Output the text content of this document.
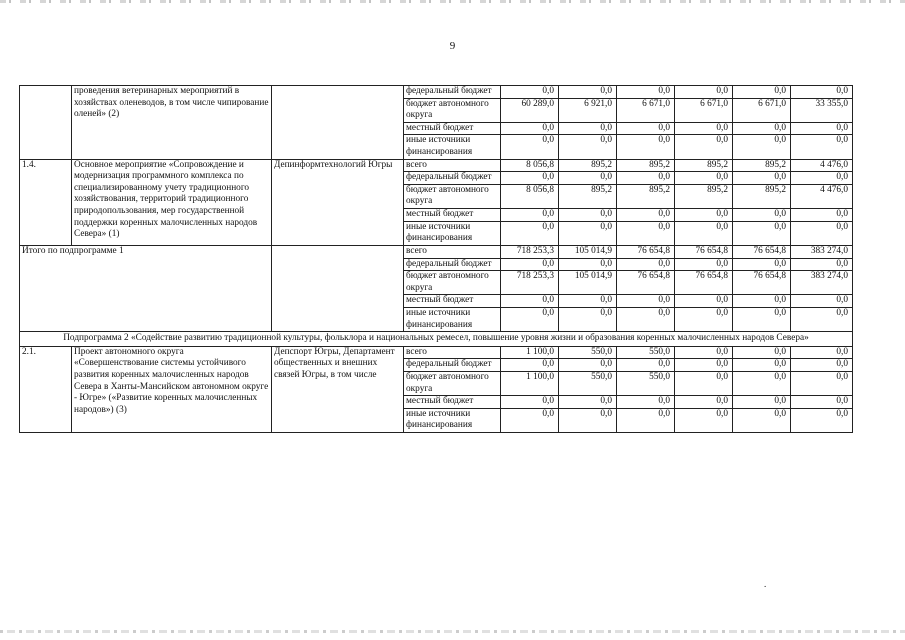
9
	проведения ветеринарных мероприятий в хозяйствах оленеводов, в том числе чипирование оленей» (2)		федеральный бюджет	0,0	0,0	0,0	0,0	0,0	0,0
			бюджет автономного округа	60 289,0	6 921,0	6 671,0	6 671,0	6 671,0	33 355,0
			местный бюджет	0,0	0,0	0,0	0,0	0,0	0,0
			иные источники финансирования	0,0	0,0	0,0	0,0	0,0	0,0
1.4.	Основное мероприятие «Сопровождение и модернизация программного комплекса по специализированному учету традиционного хозяйствования, территорий традиционного природопользования, мер государственной поддержки коренных малочисленных народов Севера» (1)	Депинформтехнологий Югры	всего	8 056,8	895,2	895,2	895,2	895,2	4 476,0
			федеральный бюджет	0,0	0,0	0,0	0,0	0,0	0,0
			бюджет автономного округа	8 056,8	895,2	895,2	895,2	895,2	4 476,0
			местный бюджет	0,0	0,0	0,0	0,0	0,0	0,0
			иные источники финансирования	0,0	0,0	0,0	0,0	0,0	0,0
Итого по подпрограмме 1			всего	718 253,3	105 014,9	76 654,8	76 654,8	76 654,8	383 274,0
			федеральный бюджет	0,0	0,0	0,0	0,0	0,0	0,0
			бюджет автономного округа	718 253,3	105 014,9	76 654,8	76 654,8	76 654,8	383 274,0
			местный бюджет	0,0	0,0	0,0	0,0	0,0	0,0
			иные источники финансирования	0,0	0,0	0,0	0,0	0,0	0,0
Подпрограмма 2 «Содействие развитию традиционной культуры, фольклора и национальных ремесел, повышение уровня жизни и образования коренных малочисленных народов Севера»									
2.1.	Проект автономного округа «Совершенствование системы устойчивого развития коренных малочисленных народов Севера в Ханты-Мансийском автономном округе - Югре» («Развитие коренных малочисленных народов») (3)	Депспорт Югры, Департамент общественных и внешних связей Югры, в том числе	всего	1 100,0	550,0	550,0	0,0	0,0	0,0
			федеральный бюджет	0,0	0,0	0,0	0,0	0,0	0,0
			бюджет автономного округа	1 100,0	550,0	550,0	0,0	0,0	0,0
			местный бюджет	0,0	0,0	0,0	0,0	0,0	0,0
			иные источники финансирования	0,0	0,0	0,0	0,0	0,0	0,0
.
